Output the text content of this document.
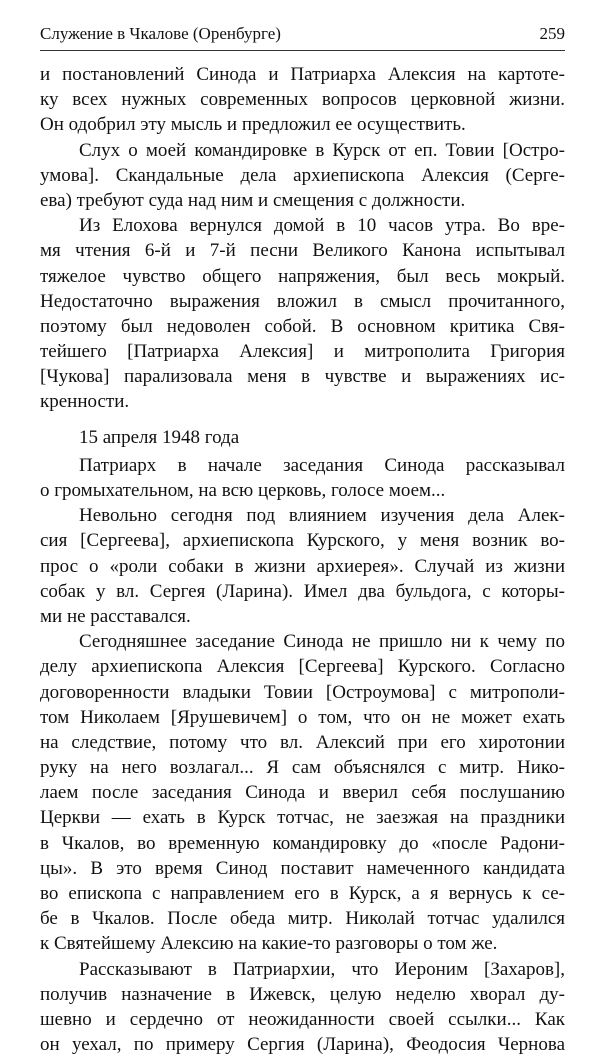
Служение в Чкалове (Оренбурге)	259
и постановлений Синода и Патриарха Алексия на картоте-
ку всех нужных современных вопросов церковной жизни.
Он одобрил эту мысль и предложил ее осуществить.
Слух о моей командировке в Курск от еп. Товии [Остро-
умова]. Скандальные дела архиепископа Алексия (Серге-
ева) требуют суда над ним и смещения с должности.
Из Елохова вернулся домой в 10 часов утра. Во вре-
мя чтения 6-й и 7-й песни Великого Канона испытывал
тяжелое чувство общего напряжения, был весь мокрый.
Недостаточно выражения вложил в смысл прочитанного,
поэтому был недоволен собой. В основном критика Свя-
тейшего [Патриарха Алексия] и митрополита Григория
[Чукова] парализовала меня в чувстве и выражениях ис-
кренности.
15 апреля 1948 года
Патриарх в начале заседания Синода рассказывал
о громыхательном, на всю церковь, голосе моем...
Невольно сегодня под влиянием изучения дела Алек-
сия [Сергеева], архиепископа Курского, у меня возник во-
прос о «роли собаки в жизни архиерея». Случай из жизни
собак у вл. Сергея (Ларина). Имел два бульдога, с которы-
ми не расставался.
Сегодняшнее заседание Синода не пришло ни к чему по
делу архиепископа Алексия [Сергеева] Курского. Согласно
договоренности владыки Товии [Остроумова] с митрополи-
том Николаем [Ярушевичем] о том, что он не может ехать
на следствие, потому что вл. Алексий при его хиротонии
руку на него возлагал... Я сам объяснялся с митр. Нико-
лаем после заседания Синода и вверил себя послушанию
Церкви — ехать в Курск тотчас, не заезжая на праздники
в Чкалов, во временную командировку до «после Радони-
цы». В это время Синод поставит намеченного кандидата
во епископа с направлением его в Курск, а я вернусь к се-
бе в Чкалов. После обеда митр. Николай тотчас удалился
к Святейшему Алексию на какие-то разговоры о том же.
Рассказывают в Патриархии, что Иероним [Захаров],
получив назначение в Ижевск, целую неделю хворал ду-
шевно и сердечно от неожиданности своей ссылки... Как
он уехал, по примеру Сергия (Ларина), Феодосия Чернова
